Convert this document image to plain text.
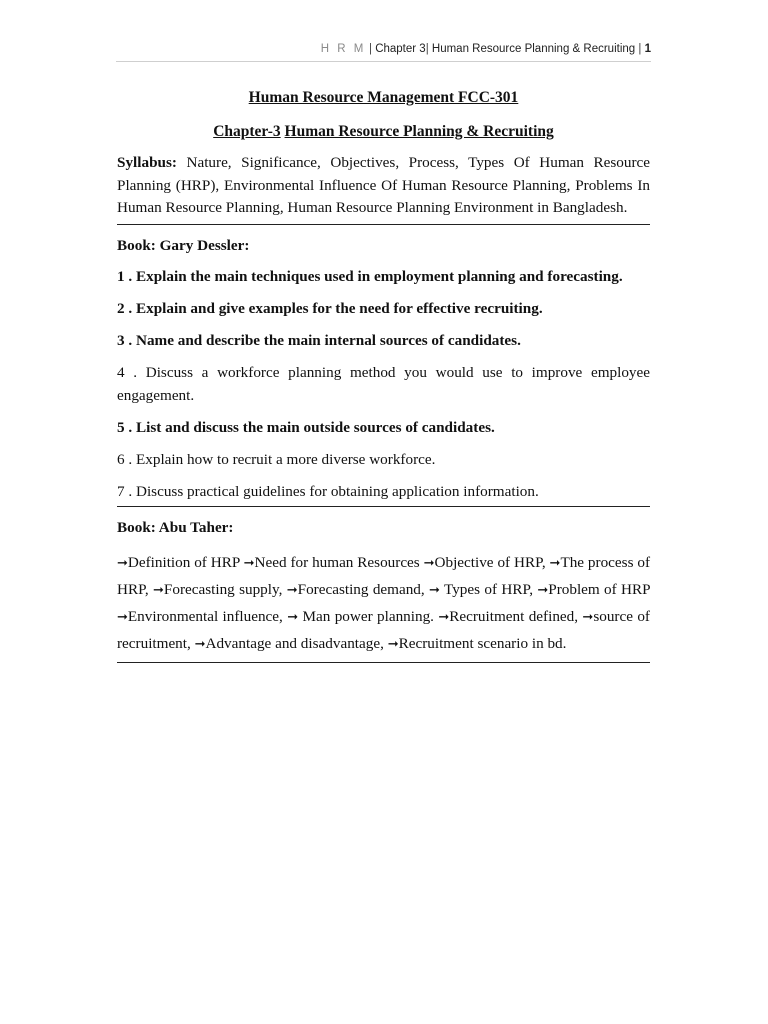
H R M | Chapter 3| Human Resource Planning & Recruiting | 1

Human Resource Management FCC-301

Chapter-3 Human Resource Planning & Recruiting

Syllabus: Nature, Significance, Objectives, Process, Types Of Human Resource Planning (HRP), Environmental Influence Of Human Resource Planning, Problems In Human Resource Planning, Human Resource Planning Environment in Bangladesh.

Book: Gary Dessler:

1 . Explain the main techniques used in employment planning and forecasting.

2 . Explain and give examples for the need for effective recruiting.

3 . Name and describe the main internal sources of candidates.

4 . Discuss a workforce planning method you would use to improve employee engagement.

5 . List and discuss the main outside sources of candidates.

6 . Explain how to recruit a more diverse workforce.

7 . Discuss practical guidelines for obtaining application information.

Book: Abu Taher:

➞Definition of HRP ➞Need for human Resources ➞Objective of HRP, ➞The process of HRP, ➞Forecasting supply, ➞Forecasting demand, ➞ Types of HRP, ➞Problem of HRP ➞Environmental influence, ➞ Man power planning. ➞Recruitment defined, ➞source of recruitment, ➞Advantage and disadvantage, ➞Recruitment scenario in bd.
